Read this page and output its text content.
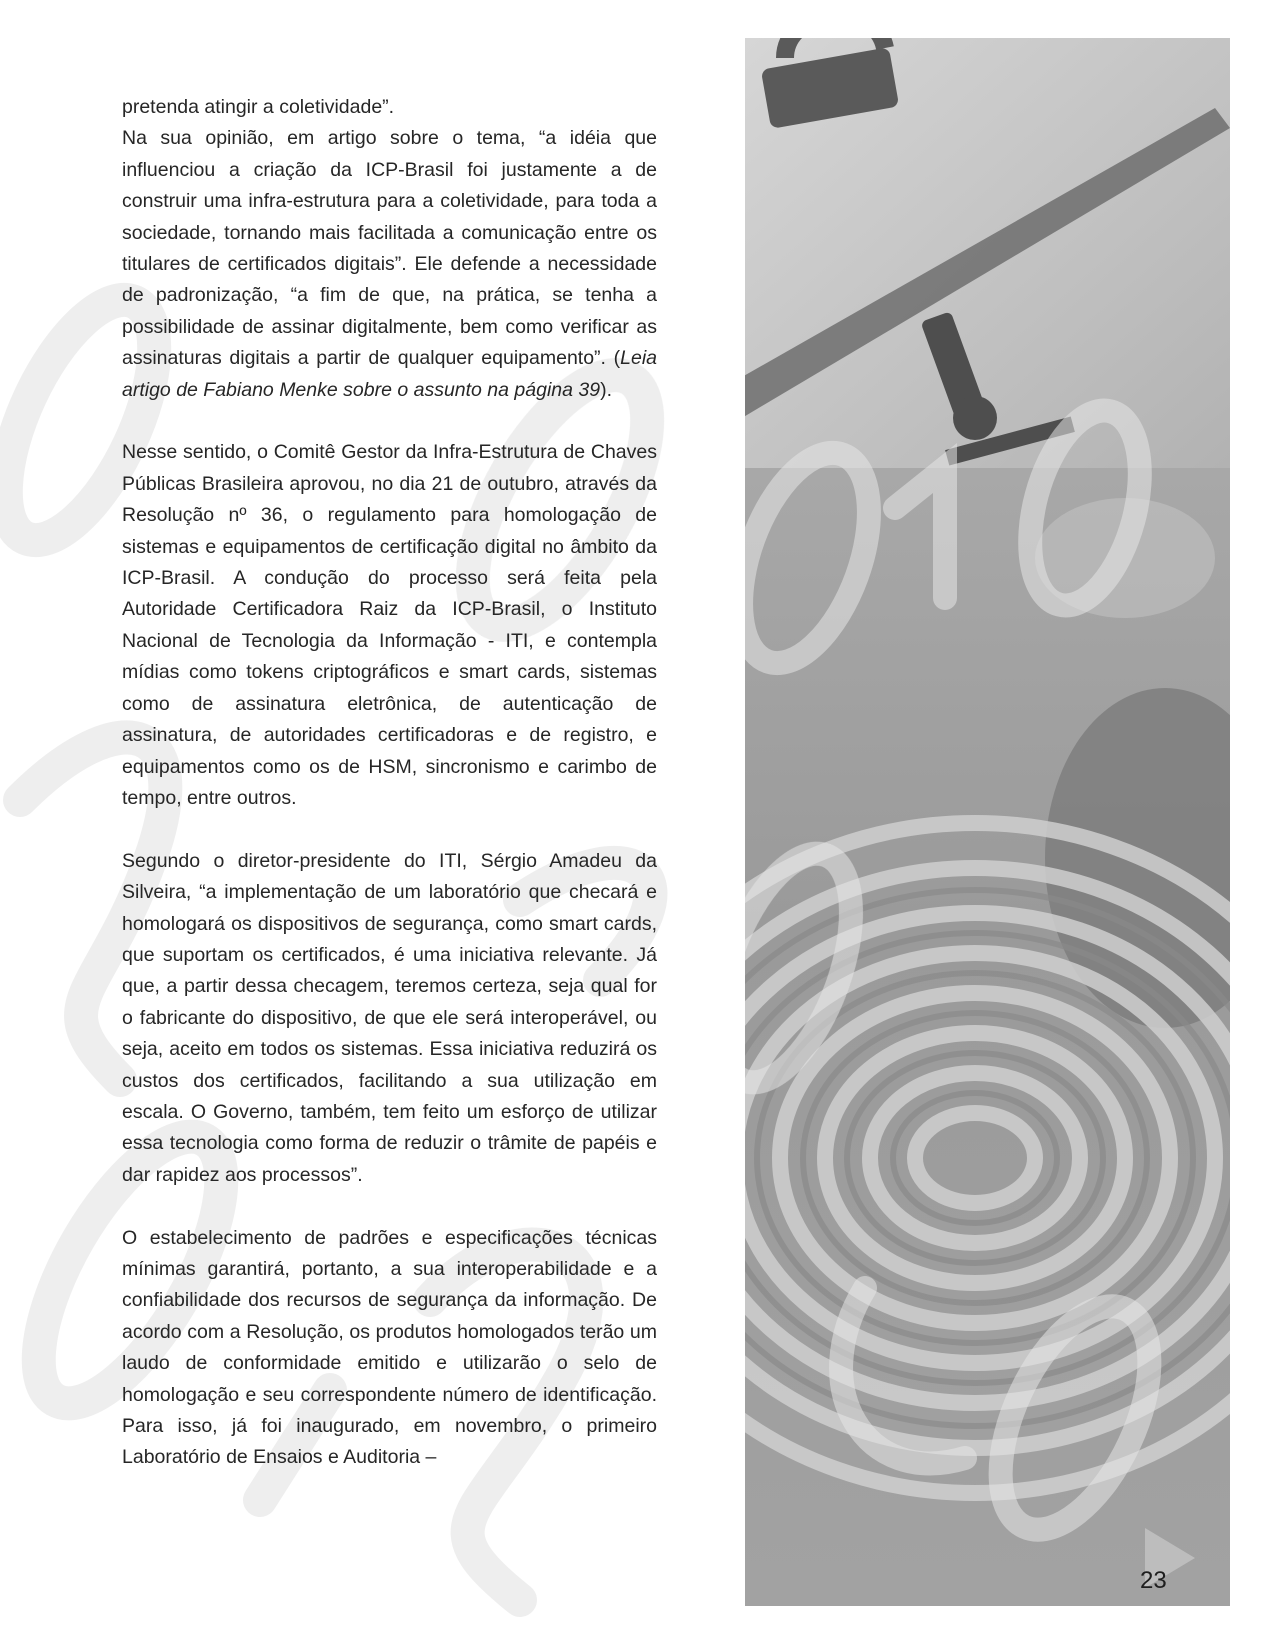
pretenda atingir a coletividade”.

Na sua opinião, em artigo sobre o tema, “a idéia que influenciou a criação da ICP-Brasil foi justamente a de construir uma infra-estrutura para a coletividade, para toda a sociedade, tornando mais facilitada a comunicação entre os titulares de certificados digitais”. Ele defende a necessidade de padronização, “a fim de que, na prática, se tenha a possibilidade de assinar digitalmente, bem como verificar as assinaturas digitais a partir de qualquer equipamento”. (Leia artigo de Fabiano Menke sobre o assunto na página 39).

Nesse sentido, o Comitê Gestor da Infra-Estrutura de Chaves Públicas Brasileira aprovou, no dia 21 de outubro, através da Resolução nº 36, o regulamento para homologação de sistemas e equipamentos de certificação digital no âmbito da ICP-Brasil. A condução do processo será feita pela Autoridade Certificadora Raiz da ICP-Brasil, o Instituto Nacional de Tecnologia da Informação - ITI, e contempla mídias como tokens criptográficos e smart cards, sistemas como de assinatura eletrônica, de autenticação de assinatura, de autoridades certificadoras e de registro, e equipamentos como os de HSM, sincronismo e carimbo de tempo, entre outros.

Segundo o diretor-presidente do ITI, Sérgio Amadeu da Silveira, “a implementação de um laboratório que checará e homologará os dispositivos de segurança, como smart cards, que suportam os certificados, é uma iniciativa relevante. Já que, a partir dessa checagem, teremos certeza, seja qual for o fabricante do dispositivo, de que ele será interoperável, ou seja, aceito em todos os sistemas. Essa iniciativa reduzirá os custos dos certificados, facilitando a sua utilização em escala. O Governo, também, tem feito um esforço de utilizar essa tecnologia como forma de reduzir o trâmite de papéis e dar rapidez aos processos”.

O estabelecimento de padrões e especificações técnicas mínimas garantirá, portanto, a sua interoperabilidade e a confiabilidade dos recursos de segurança da informação. De acordo com a Resolução, os produtos homologados terão um laudo de conformidade emitido e utilizarão o selo de homologação e seu correspondente número de identificação. Para isso, já foi inaugurado, em novembro, o primeiro Laboratório de Ensaios e Auditoria –

23
